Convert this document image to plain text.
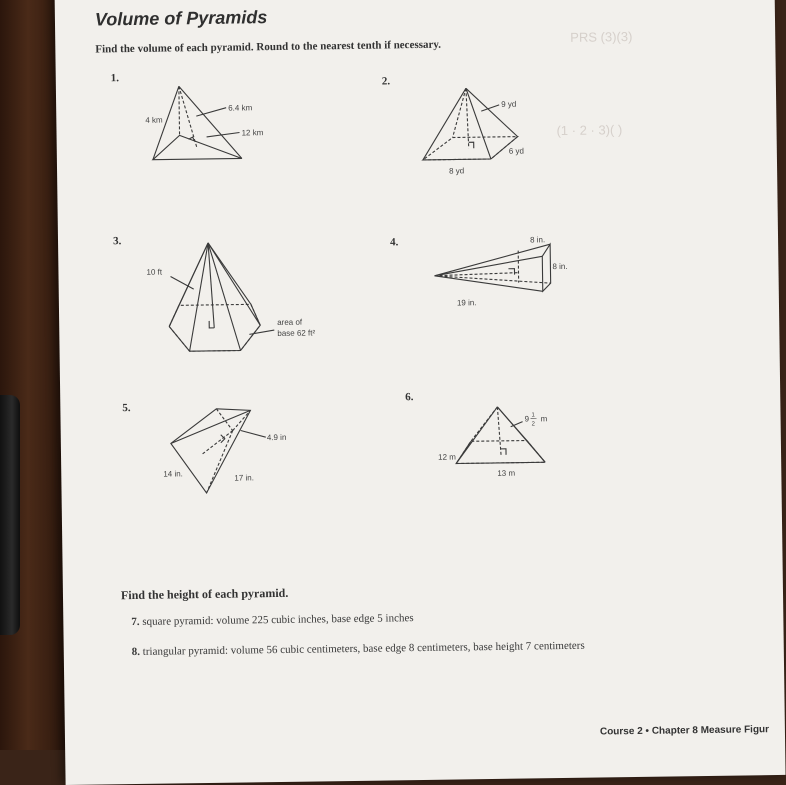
Volume of Pyramids
Find the volume of each pyramid. Round to the nearest tenth if necessary.
PRS (3)(3)
(1 · 2 · 3)( )
1.
4 km
6.4 km
12 km
2.
9 yd
6 yd
8 yd
3.
10 ft
area of
base 62 ft²
4.	8 in.
8 in.
19 in.
5.
4.9 in
14 in.	17 in.
6.
9 1
2
m
12 m
13 m
Find the height of each pyramid.
7. square pyramid: volume 225 cubic inches, base edge 5 inches
8. triangular pyramid: volume 56 cubic centimeters, base edge 8 centimeters, base height 7 centimeters
Course 2 • Chapter 8 Measure Figur
